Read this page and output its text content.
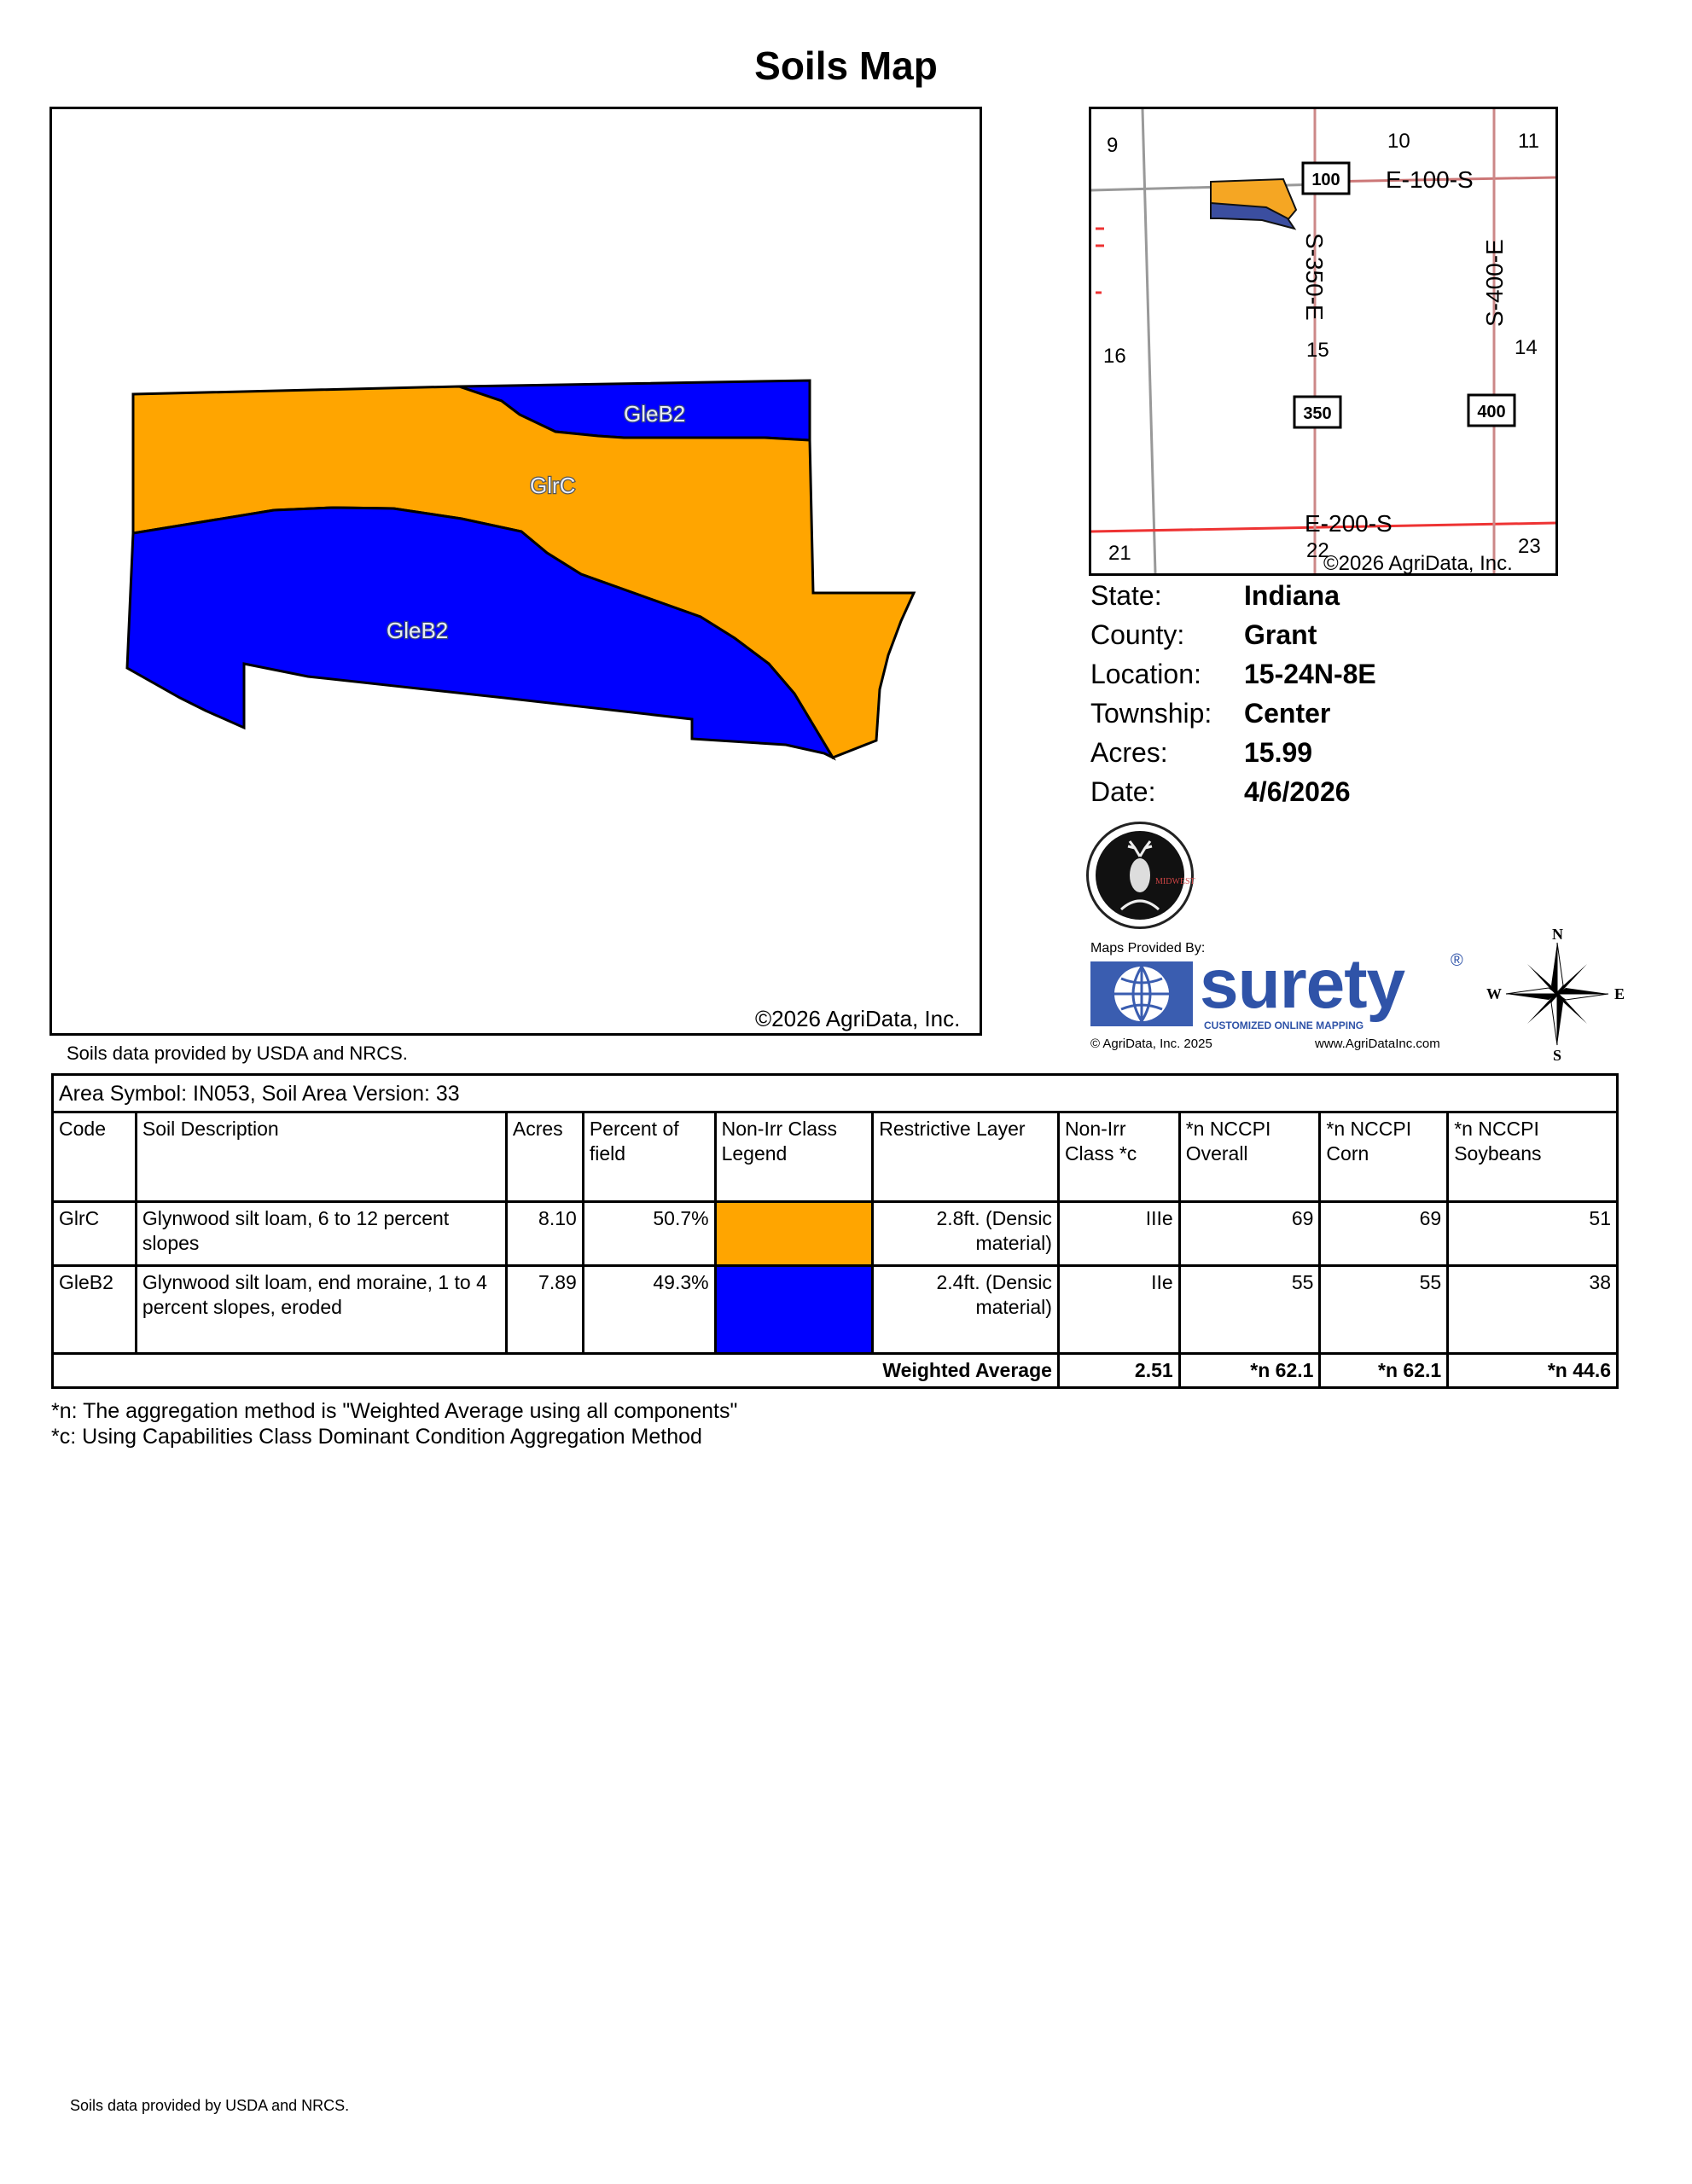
Soils Map
GleB2
GlrC
GleB2
©2026 AgriData, Inc.
Soils data provided by USDA and NRCS.
100
350	400
9	10	11
16	15	14
21	22	23
E-100-S
S-350-E	S-400-E
E-200-S
©2026 AgriData, Inc.
State:	Indiana
County: Grant
Location: 15-24N-8E
Township: Center
Acres:	15.99
Date:	4/6/2026
MIDWEST
Maps Provided By:
surety	®
CUSTOMIZED ONLINE MAPPING
© AgriData, Inc. 2025	www.AgriDataInc.com
N
S
E
W
Area Symbol: IN053, Soil Area Version: 33									
Code	Soil Description	Acres	Percent of field	Non-Irr Class Legend	Restrictive Layer	Non-Irr Class *c	*n NCCPI Overall	*n NCCPI Corn	*n NCCPI Soybeans
GlrC	Glynwood silt loam, 6 to 12 percent slopes	8.10	50.7%		2.8ft. (Densic material)	IIIe	69	69	51
GleB2	Glynwood silt loam, end moraine, 1 to 4 percent slopes, eroded	7.89	49.3%		2.4ft. (Densic material)	IIe	55	55	38
Weighted Average						2.51	*n 62.1	*n 62.1	*n 44.6
*n: The aggregation method is "Weighted Average using all components"
*c: Using Capabilities Class Dominant Condition Aggregation Method
Soils data provided by USDA and NRCS.
